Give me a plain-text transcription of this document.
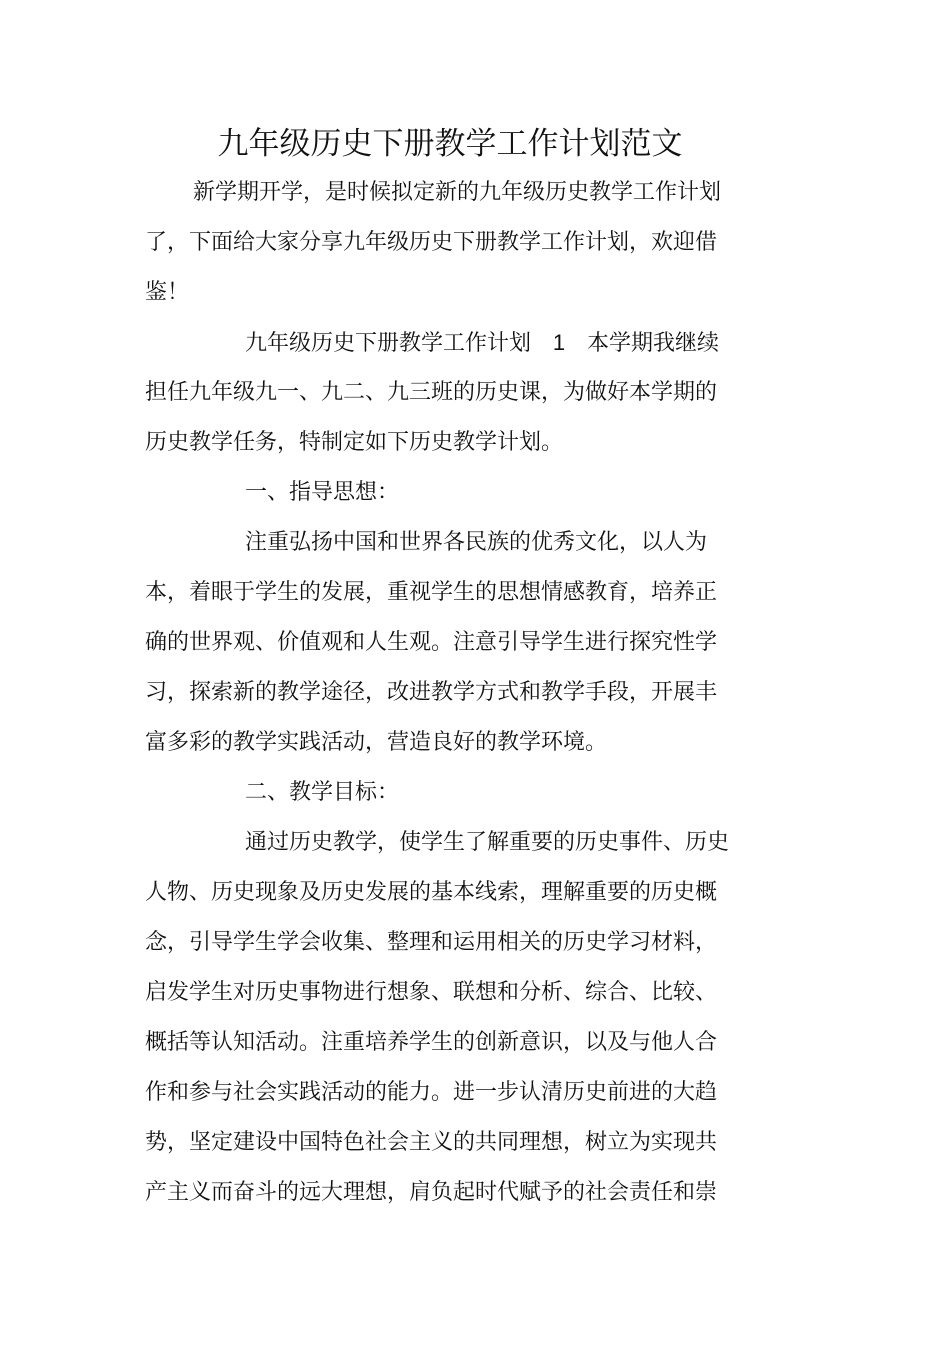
九年级历史下册教学工作计划范文
新学期开学，是时候拟定新的九年级历史教学工作计划
了，下面给大家分享九年级历史下册教学工作计划，欢迎借
鉴！
九年级历史下册教学工作计划 1 本学期我继续
担任九年级九一、九二、九三班的历史课，为做好本学期的
历史教学任务，特制定如下历史教学计划。
一、指导思想：
注重弘扬中国和世界各民族的优秀文化，以人为
本，着眼于学生的发展，重视学生的思想情感教育，培养正
确的世界观、价值观和人生观。注意引导学生进行探究性学
习，探索新的教学途径，改进教学方式和教学手段，开展丰
富多彩的教学实践活动，营造良好的教学环境。
二、教学目标：
通过历史教学，使学生了解重要的历史事件、历史
人物、历史现象及历史发展的基本线索，理解重要的历史概
念，引导学生学会收集、整理和运用相关的历史学习材料，
启发学生对历史事物进行想象、联想和分析、综合、比较、
概括等认知活动。注重培养学生的创新意识，以及与他人合
作和参与社会实践活动的能力。进一步认清历史前进的大趋
势，坚定建设中国特色社会主义的共同理想，树立为实现共
产主义而奋斗的远大理想，肩负起时代赋予的社会责任和崇
